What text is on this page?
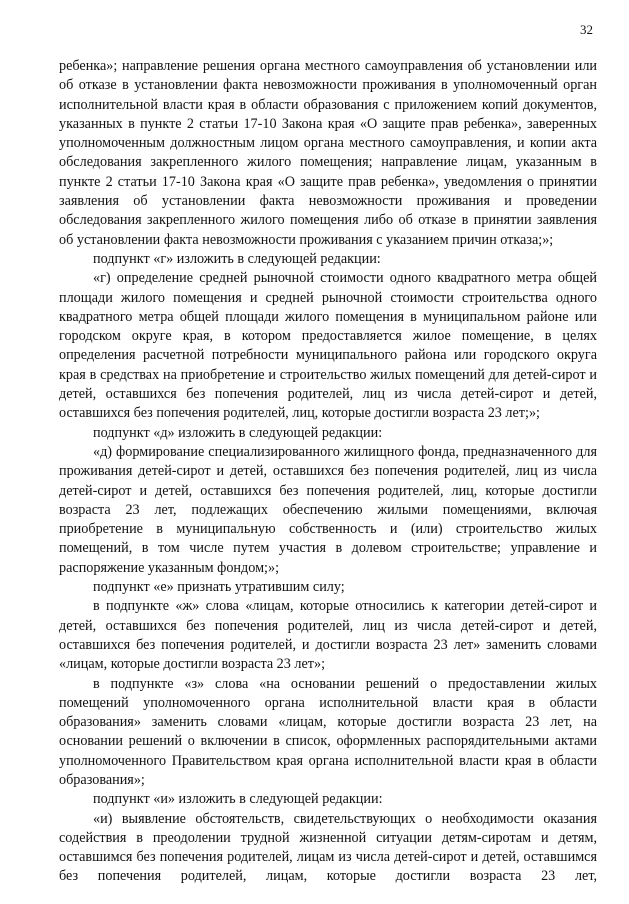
32

ребенка»; направление решения органа местного самоуправления об установлении или об отказе в установлении факта невозможности проживания в уполномоченный орган исполнительной власти края в области образования с приложением копий документов, указанных в пункте 2 статьи 17-10 Закона края «О защите прав ребенка», заверенных уполномоченным должностным лицом органа местного самоуправления, и копии акта обследования закрепленного жилого помещения; направление лицам, указанным в пункте 2 статьи 17-10 Закона края «О защите прав ребенка», уведомления о принятии заявления об установлении факта невозможности проживания и проведении обследования закрепленного жилого помещения либо об отказе в принятии заявления об установлении факта невозможности проживания с указанием причин отказа;»;

подпункт «г» изложить в следующей редакции:

«г) определение средней рыночной стоимости одного квадратного метра общей площади жилого помещения и средней рыночной стоимости строительства одного квадратного метра общей площади жилого помещения в муниципальном районе или городском округе края, в котором предоставляется жилое помещение, в целях определения расчетной потребности муниципального района или городского округа края в средствах на приобретение и строительство жилых помещений для детей-сирот и детей, оставшихся без попечения родителей, лиц из числа детей-сирот и детей, оставшихся без попечения родителей, лиц, которые достигли возраста 23 лет;»;

подпункт «д» изложить в следующей редакции:

«д) формирование специализированного жилищного фонда, предназначенного для проживания детей-сирот и детей, оставшихся без попечения родителей, лиц из числа детей-сирот и детей, оставшихся без попечения родителей, лиц, которые достигли возраста 23 лет, подлежащих обеспечению жилыми помещениями, включая приобретение в муниципальную собственность и (или) строительство жилых помещений, в том числе путем участия в долевом строительстве; управление и распоряжение указанным фондом;»;

подпункт «е» признать утратившим силу;

в подпункте «ж» слова «лицам, которые относились к категории детей-сирот и детей, оставшихся без попечения родителей, лиц из числа детей-сирот и детей, оставшихся без попечения родителей, и достигли возраста 23 лет» заменить словами «лицам, которые достигли возраста 23 лет»;

в подпункте «з» слова «на основании решений о предоставлении жилых помещений уполномоченного органа исполнительной власти края в области образования» заменить словами «лицам, которые достигли возраста 23 лет, на основании решений о включении в список, оформленных распорядительными актами уполномоченного Правительством края органа исполнительной власти края в области образования»;

подпункт «и» изложить в следующей редакции:

«и) выявление обстоятельств, свидетельствующих о необходимости оказания содействия в преодолении трудной жизненной ситуации детям-сиротам и детям, оставшимся без попечения родителей, лицам из числа детей-сирот и детей, оставшимся без попечения родителей, лицам, которые достигли возраста 23 лет,
